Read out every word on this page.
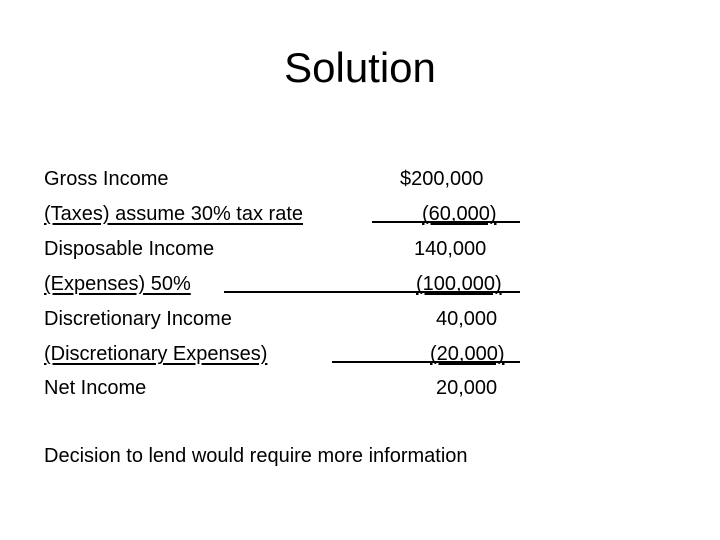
Solution
Gross Income	$200,000
(Taxes) assume 30% tax rate	(60,000)
Disposable Income	140,000
(Expenses) 50%	(100,000)
Discretionary Income	40,000
(Discretionary Expenses)	(20,000)
Net Income	20,000
Decision to lend would require more information
